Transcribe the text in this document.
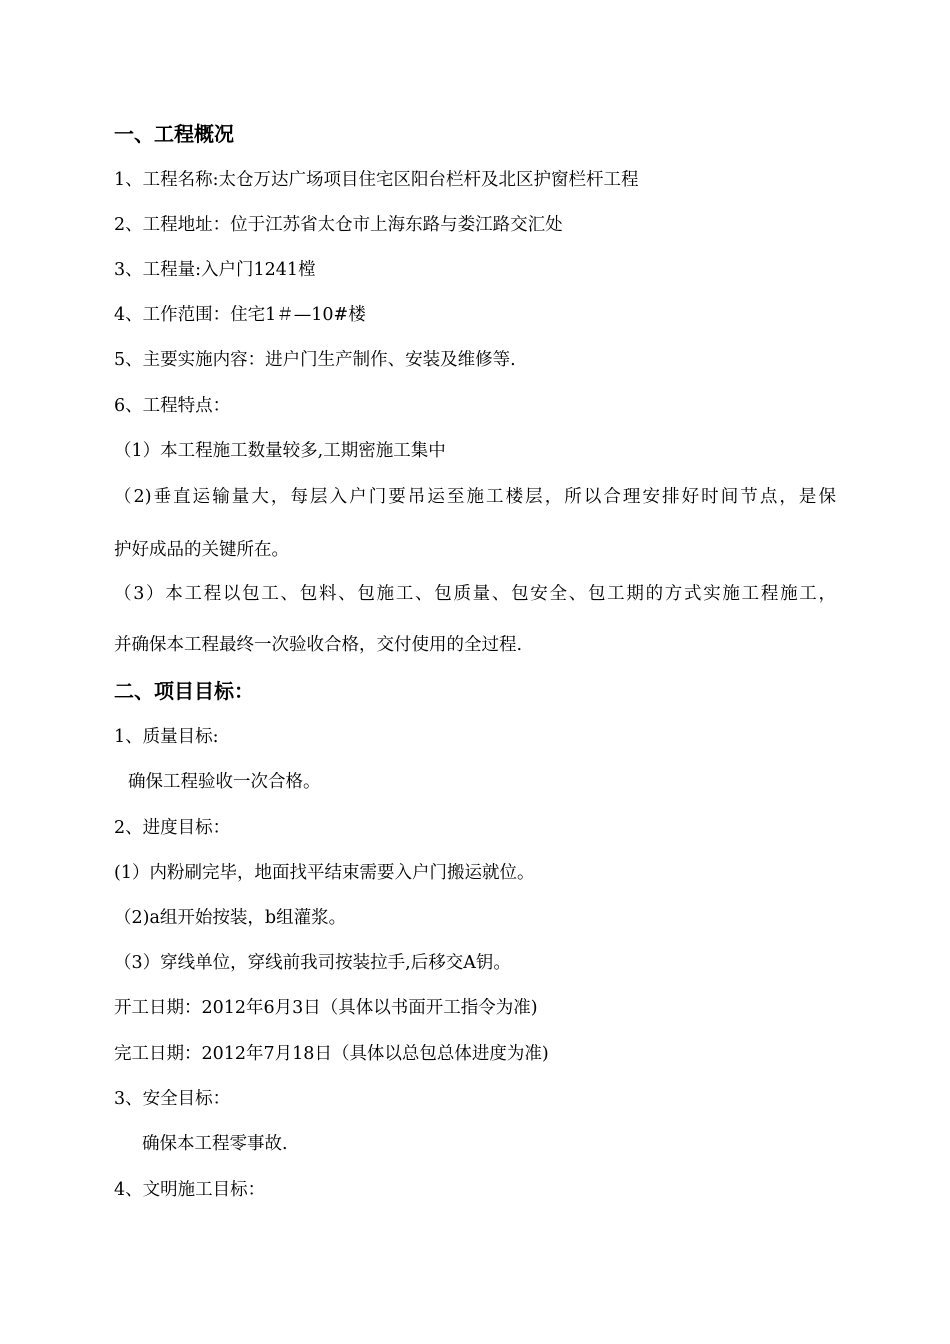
一、工程概况
1、工程名称:太仓万达广场项目住宅区阳台栏杆及北区护窗栏杆工程
2、工程地址：位于江苏省太仓市上海东路与娄江路交汇处
3、工程量:入户门1241樘
4、工作范围：住宅1＃—10#楼
5、主要实施内容：进户门生产制作、安装及维修等.
6、工程特点：
（1）本工程施工数量较多,工期密施工集中
（2)垂直运输量大，每层入户门要吊运至施工楼层，所以合理安排好时间节点，是保
护好成品的关键所在。
（3）本工程以包工、包料、包施工、包质量、包安全、包工期的方式实施工程施工，
并确保本工程最终一次验收合格，交付使用的全过程.
二、项目目标：
1、质量目标:
确保工程验收一次合格。
2、进度目标：
(1）内粉刷完毕，地面找平结束需要入户门搬运就位。
（2)a组开始按装，b组灌浆。
（3）穿线单位，穿线前我司按装拉手,后移交A钥。
开工日期：2012年6月3日（具体以书面开工指令为准)
完工日期：2012年7月18日（具体以总包总体进度为准)
3、安全目标：
确保本工程零事故.
4、文明施工目标：
